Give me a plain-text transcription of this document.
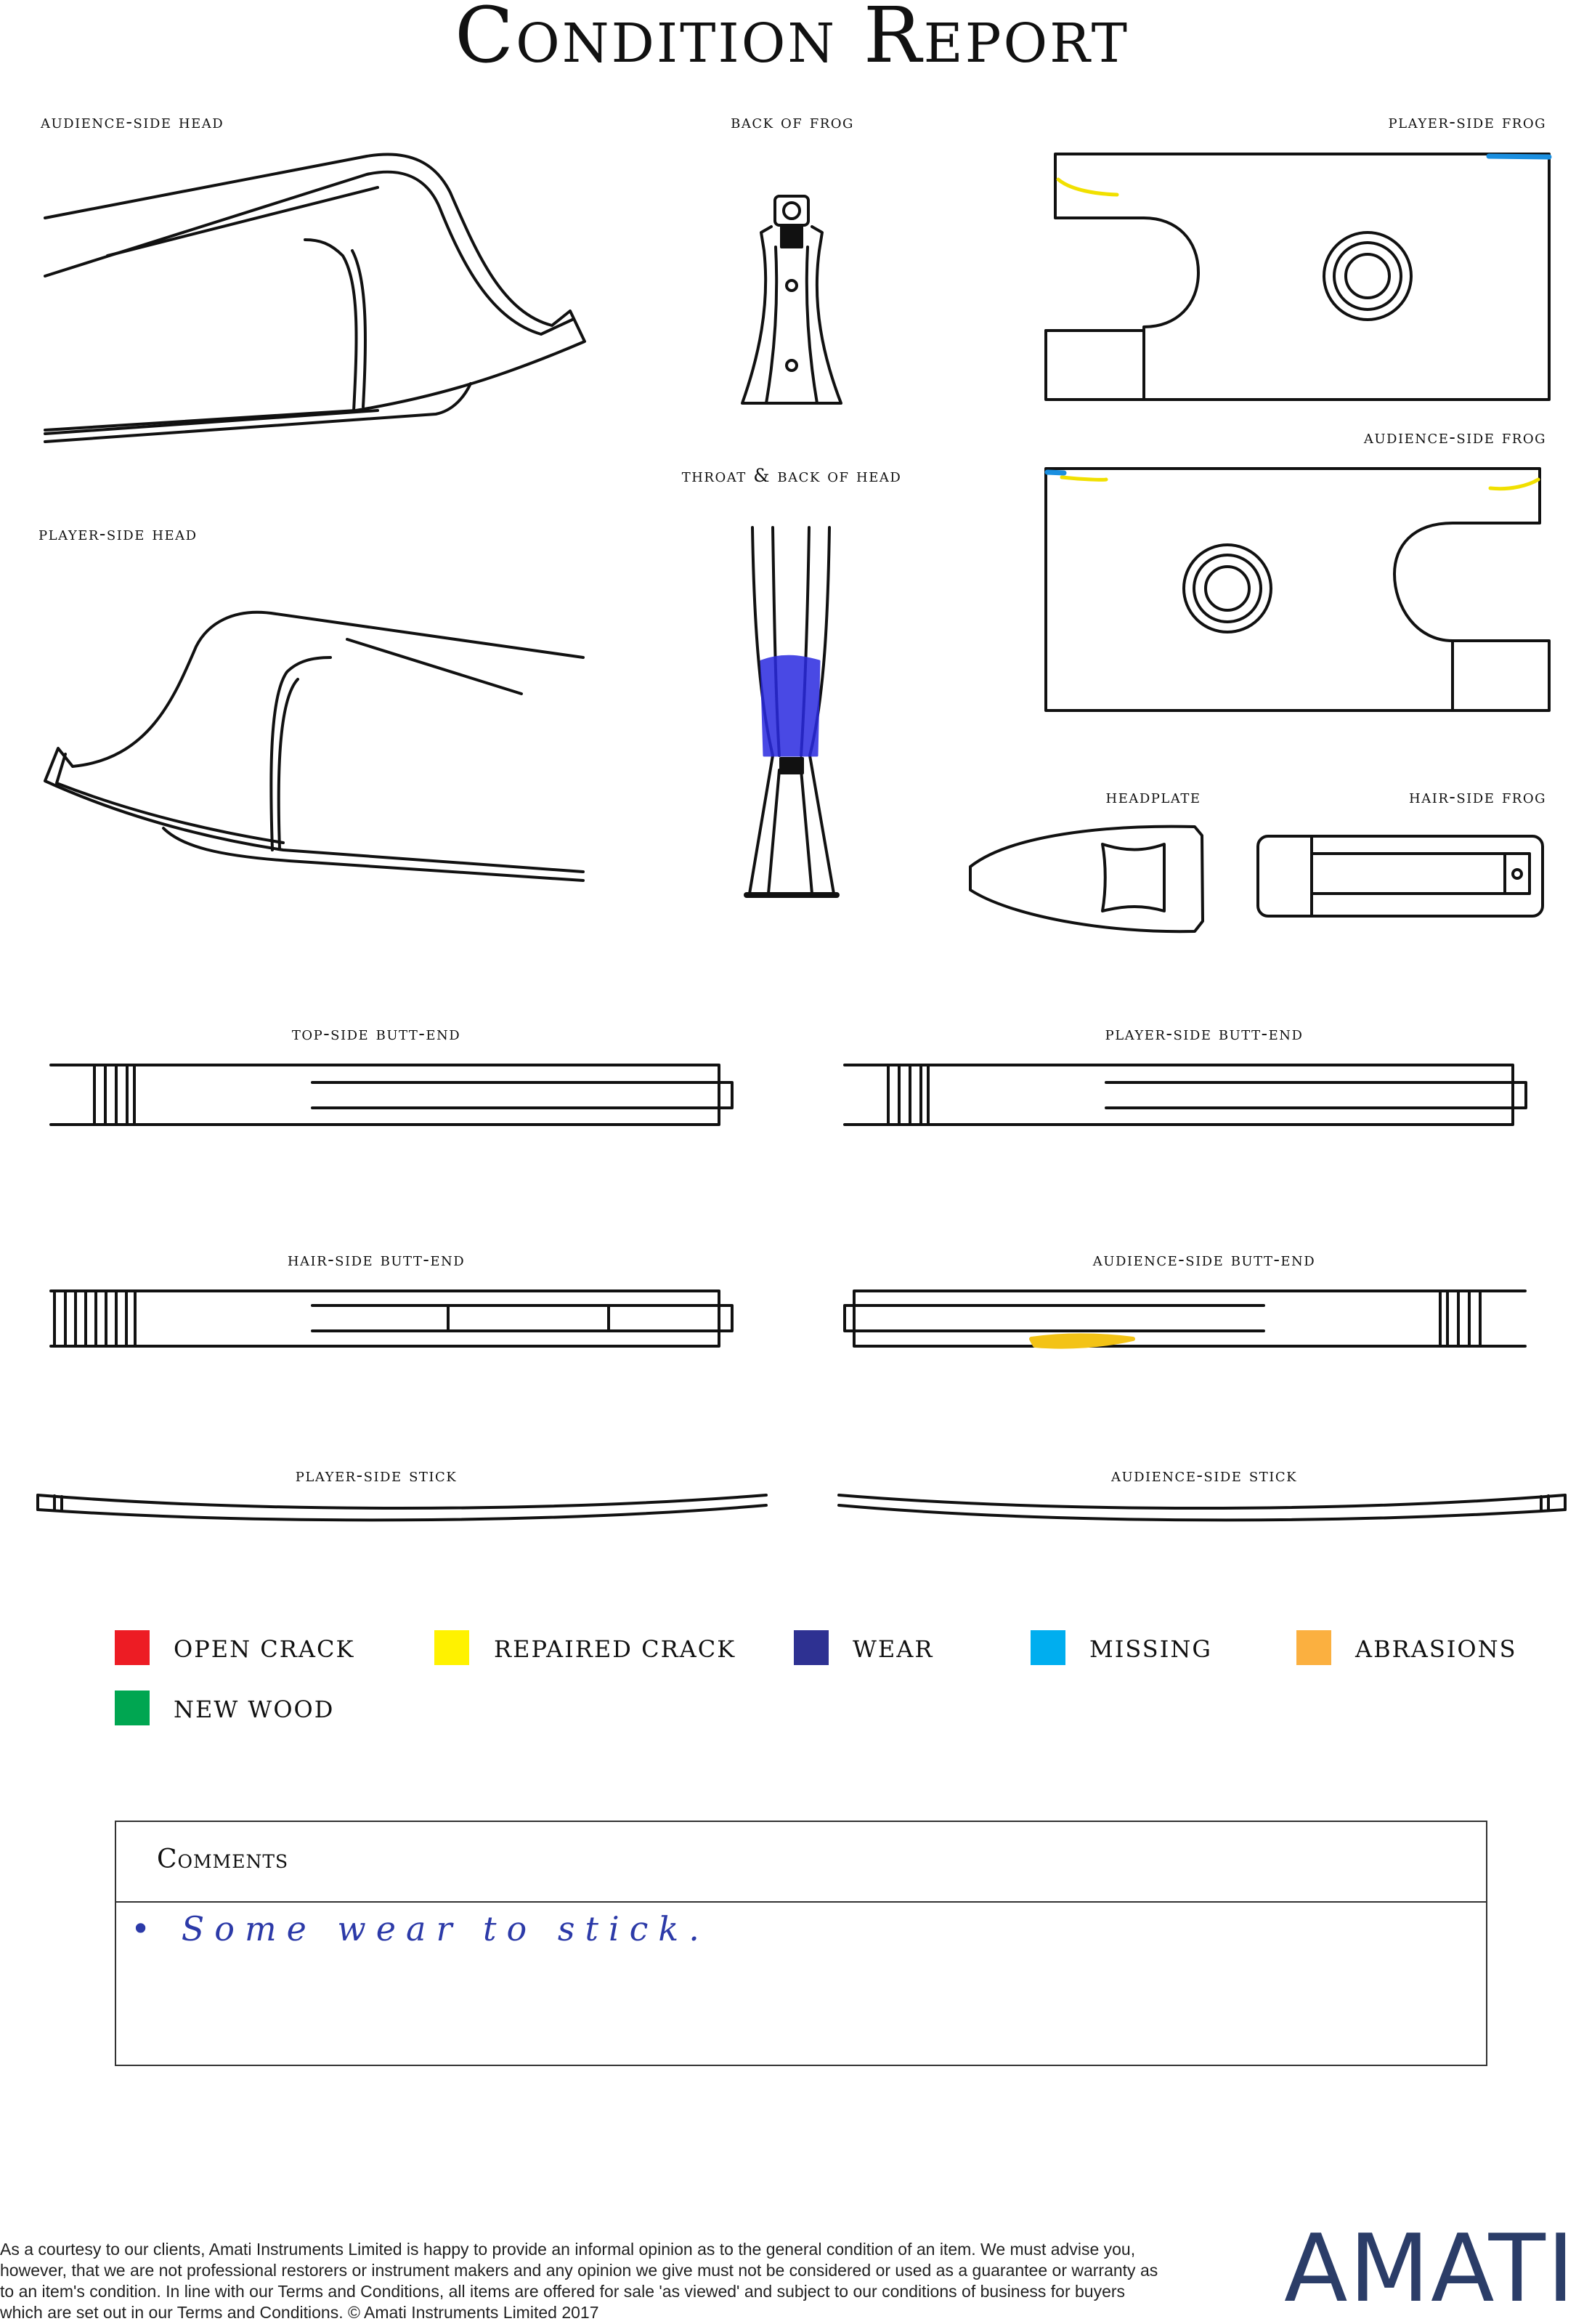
Condition Report
audience-side head	back of frog	player-side frog
audience-side frog
throat & back of head
player-side head
headplate	hair-side frog
top-side butt-end	player-side butt-end
hair-side butt-end	audience-side butt-end
player-side stick	audience-side stick
OPEN CRACK	REPAIRED CRACK	WEAR	MISSING	ABRASIONS
NEW WOOD
Comments
• Some wear to stick.

As a courtesy to our clients, Amati Instruments Limited is happy to provide an informal opinion as to the general condition of an item. We must advise you, however, that we are not professional restorers or instrument makers and any opinion we give must not be considered or used as a guarantee or warranty as to an item's condition. In line with our Terms and Conditions, all items are offered for sale 'as viewed' and subject to our conditions of business for buyers which are set out in our Terms and Conditions. © Amati Instruments Limited 2017	AMATI
